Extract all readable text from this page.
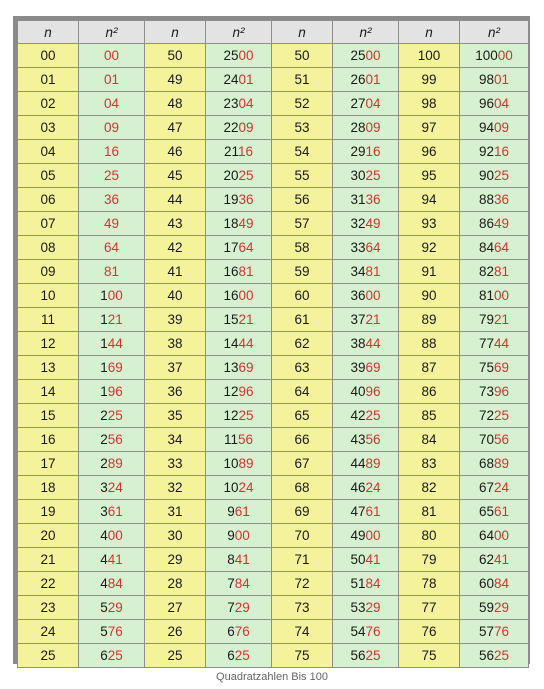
n	n²	n	n²	n	n²	n	n²
00	00	50	2500	50	2500	100	10000
01	01	49	2401	51	2601	99	9801
02	04	48	2304	52	2704	98	9604
03	09	47	2209	53	2809	97	9409
04	16	46	2116	54	2916	96	9216
05	25	45	2025	55	3025	95	9025
06	36	44	1936	56	3136	94	8836
07	49	43	1849	57	3249	93	8649
08	64	42	1764	58	3364	92	8464
09	81	41	1681	59	3481	91	8281
10	100	40	1600	60	3600	90	8100
11	121	39	1521	61	3721	89	7921
12	144	38	1444	62	3844	88	7744
13	169	37	1369	63	3969	87	7569
14	196	36	1296	64	4096	86	7396
15	225	35	1225	65	4225	85	7225
16	256	34	1156	66	4356	84	7056
17	289	33	1089	67	4489	83	6889
18	324	32	1024	68	4624	82	6724
19	361	31	961	69	4761	81	6561
20	400	30	900	70	4900	80	6400
21	441	29	841	71	5041	79	6241
22	484	28	784	72	5184	78	6084
23	529	27	729	73	5329	77	5929
24	576	26	676	74	5476	76	5776
25	625	25	625	75	5625	75	5625
Quadratzahlen Bis 100
